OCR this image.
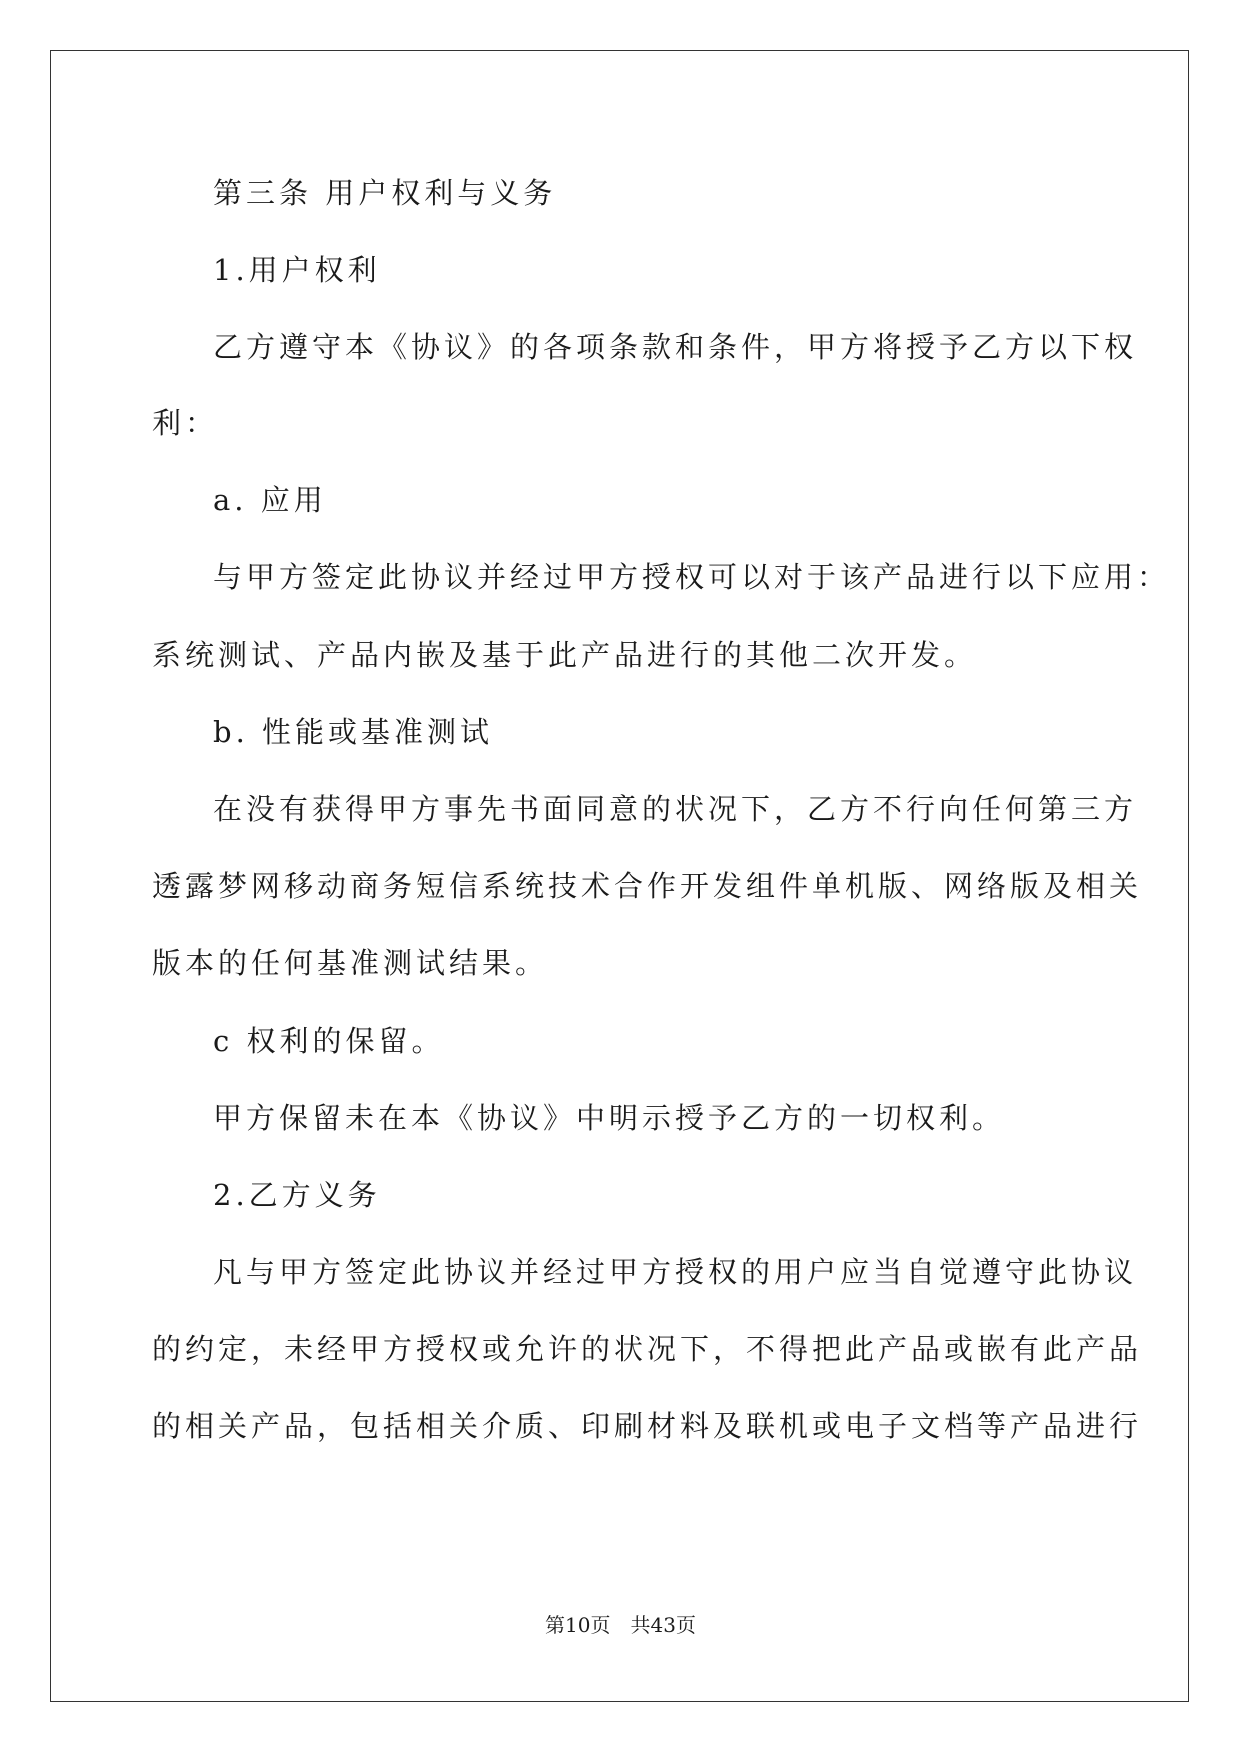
第三条 用户权利与义务
1.用户权利
乙方遵守本《协议》的各项条款和条件，甲方将授予乙方以下权
利：
a. 应用
与甲方签定此协议并经过甲方授权可以对于该产品进行以下应用：
系统测试、产品内嵌及基于此产品进行的其他二次开发。
b. 性能或基准测试
在没有获得甲方事先书面同意的状况下，乙方不行向任何第三方
透露梦网移动商务短信系统技术合作开发组件单机版、网络版及相关
版本的任何基准测试结果。
c 权利的保留。
甲方保留未在本《协议》中明示授予乙方的一切权利。
2.乙方义务
凡与甲方签定此协议并经过甲方授权的用户应当自觉遵守此协议
的约定，未经甲方授权或允许的状况下，不得把此产品或嵌有此产品
的相关产品，包括相关介质、印刷材料及联机或电子文档等产品进行
第10页　共43页
